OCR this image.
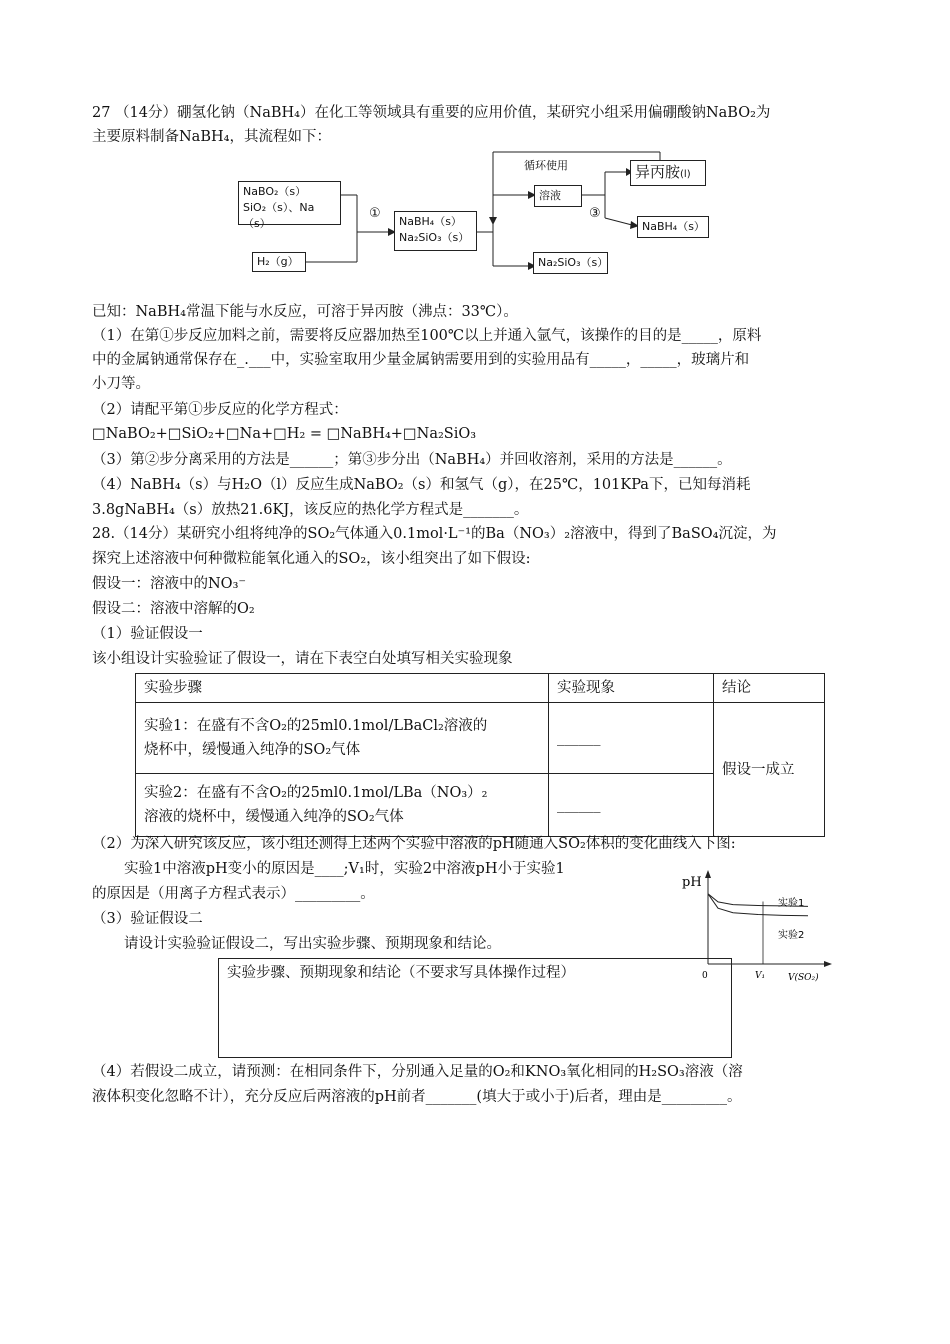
27 （14分）硼氢化钠（NaBH₄）在化工等领域具有重要的应用价值，某研究小组采用偏硼酸钠NaBO₂为
主要原料制备NaBH₄，其流程如下：
NaBO₂（s）
SiO₂（s）、Na（s）
H₂（g）
①
NaBH₄（s）
Na₂SiO₃（s）
循环使用
溶液
③
异丙胺(l)
NaBH₄（s）
Na₂SiO₃（s）
已知：NaBH₄常温下能与水反应，可溶于异丙胺（沸点：33℃）。
（1）在第①步反应加料之前，需要将反应器加热至100℃以上并通入氩气，该操作的目的是_____，原料
中的金属钠通常保存在_.___中，实验室取用少量金属钠需要用到的实验用品有_____，_____，玻璃片和
小刀等。
（2）请配平第①步反应的化学方程式：
□NaBO₂+□SiO₂+□Na+□H₂ = □NaBH₄+□Na₂SiO₃
（3）第②步分离采用的方法是______；第③步分出（NaBH₄）并回收溶剂，采用的方法是______。
（4）NaBH₄（s）与H₂O（l）反应生成NaBO₂（s）和氢气（g），在25℃，101KPa下，已知每消耗
3.8gNaBH₄（s）放热21.6KJ，该反应的热化学方程式是_______。
28.（14分）某研究小组将纯净的SO₂气体通入0.1mol·L⁻¹的Ba（NO₃）₂溶液中，得到了BaSO₄沉淀，为
探究上述溶液中何种微粒能氧化通入的SO₂，该小组突出了如下假设:
假设一：溶液中的NO₃⁻
假设二：溶液中溶解的O₂
（1）验证假设一
该小组设计实验验证了假设一，请在下表空白处填写相关实验现象
实验步骤	实验现象	结论

实验1：在盛有不含O₂的25ml0.1mol/LBaCl₂溶液的
烧杯中，缓慢通入纯净的SO₂气体	______	假设一成立

实验2：在盛有不含O₂的25ml0.1mol/LBa（NO₃）₂
溶液的烧杯中，缓慢通入纯净的SO₂气体	______	
（2）为深入研究该反应，该小组还测得上述两个实验中溶液的pH随通入SO₂体积的变化曲线入下图:
实验1中溶液pH变小的原因是____;V₁时，实验2中溶液pH小于实验1
的原因是（用离子方程式表示）_________。
（3）验证假设二
请设计实验验证假设二，写出实验步骤、预期现象和结论。
实验步骤、预期现象和结论（不要求写具体操作过程）
pH
V(SO₂)
0	V₁
实验1
实验2
（4）若假设二成立，请预测：在相同条件下，分别通入足量的O₂和KNO₃氧化相同的H₂SO₃溶液（溶
液体积变化忽略不计），充分反应后两溶液的pH前者_______(填大于或小于)后者，理由是_________。
